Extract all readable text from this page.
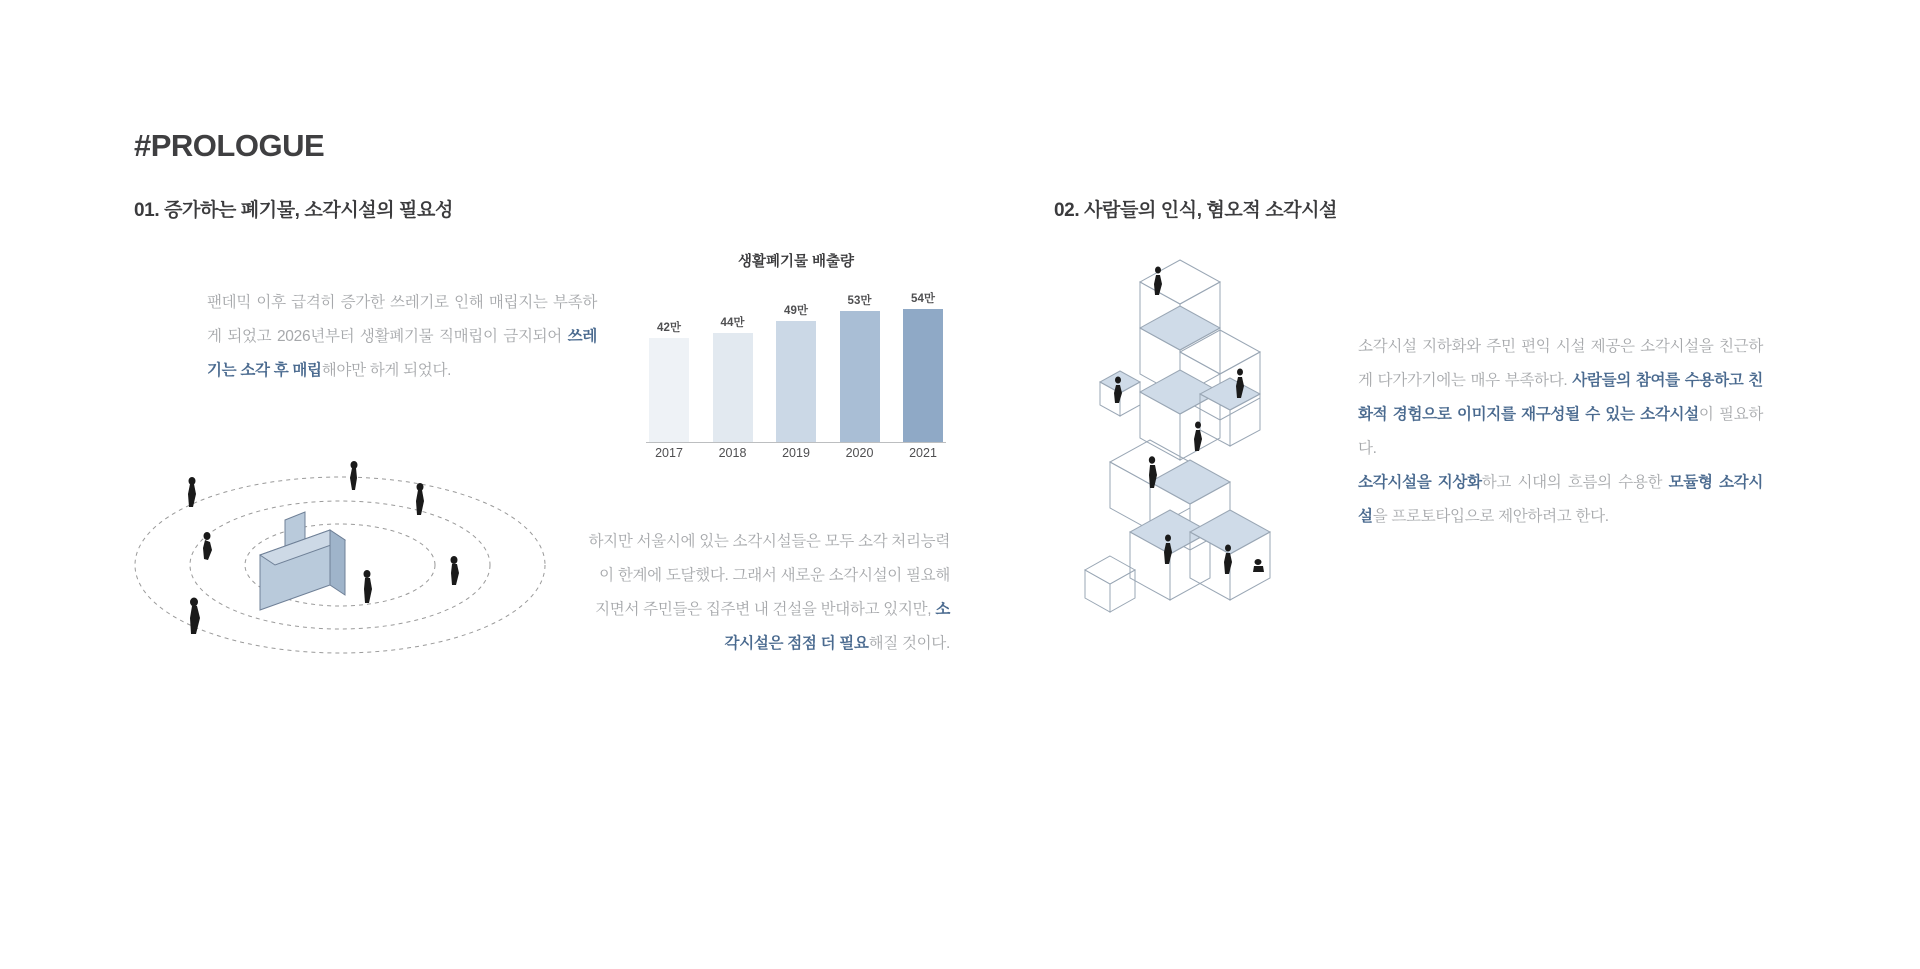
#PROLOGUE
01. 증가하는 폐기물, 소각시설의 필요성	02. 사람들의 인식, 혐오적 소각시설
팬데믹 이후 급격히 증가한 쓰레기로 인해 매립지는 부족하게 되었고 2026년부터 생활폐기물 직매립이 금지되어 쓰레기는 소각 후 매립해야만 하게 되었다.
하지만 서울시에 있는 소각시설들은 모두 소각 처리능력이 한계에 도달했다. 그래서 새로운 소각시설이 필요해지면서 주민들은 집주변 내 건설을 반대하고 있지만, 소각시설은 점점 더 필요해질 것이다.
소각시설 지하화와 주민 편익 시설 제공은 소각시설을 친근하게 다가가기에는 매우 부족하다. 사람들의 참여를 수용하고 친화적 경험으로 이미지를 재구성될 수 있는 소각시설이 필요하다.
소각시설을 지상화하고 시대의 흐름의 수용한 모듈형 소각시설을 프로토타입으로 제안하려고 한다.
생활폐기물 배출량
42만	44만
49만
53만	54만
2017	2018	2019	2020	2021
